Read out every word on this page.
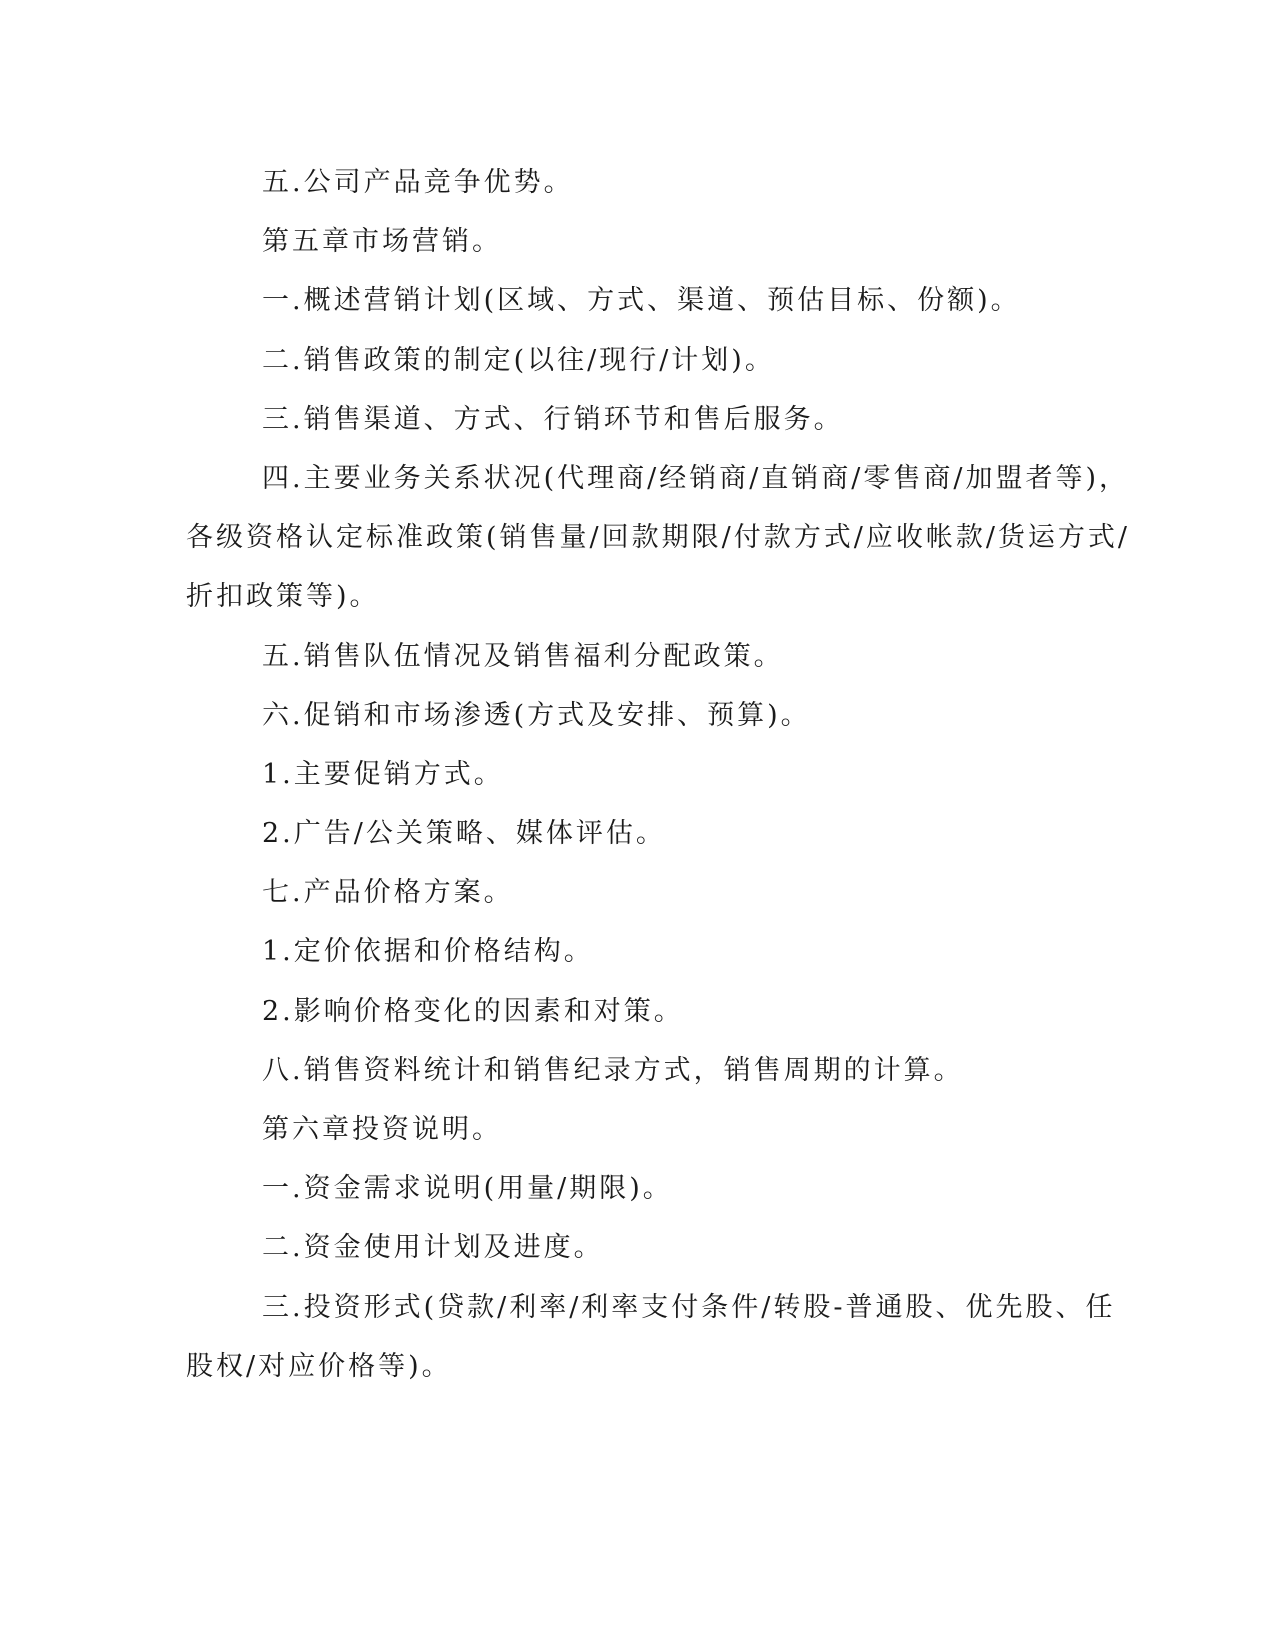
五.公司产品竞争优势。
第五章市场营销。
一.概述营销计划(区域、方式、渠道、预估目标、份额)。
二.销售政策的制定(以往/现行/计划)。
三.销售渠道、方式、行销环节和售后服务。
四.主要业务关系状况(代理商/经销商/直销商/零售商/加盟者等)，
各级资格认定标准政策(销售量/回款期限/付款方式/应收帐款/货运方式/
折扣政策等)。
五.销售队伍情况及销售福利分配政策。
六.促销和市场渗透(方式及安排、预算)。
1.主要促销方式。
2.广告/公关策略、媒体评估。
七.产品价格方案。
1.定价依据和价格结构。
2.影响价格变化的因素和对策。
八.销售资料统计和销售纪录方式，销售周期的计算。
第六章投资说明。
一.资金需求说明(用量/期限)。
二.资金使用计划及进度。
三.投资形式(贷款/利率/利率支付条件/转股-普通股、优先股、任
股权/对应价格等)。
